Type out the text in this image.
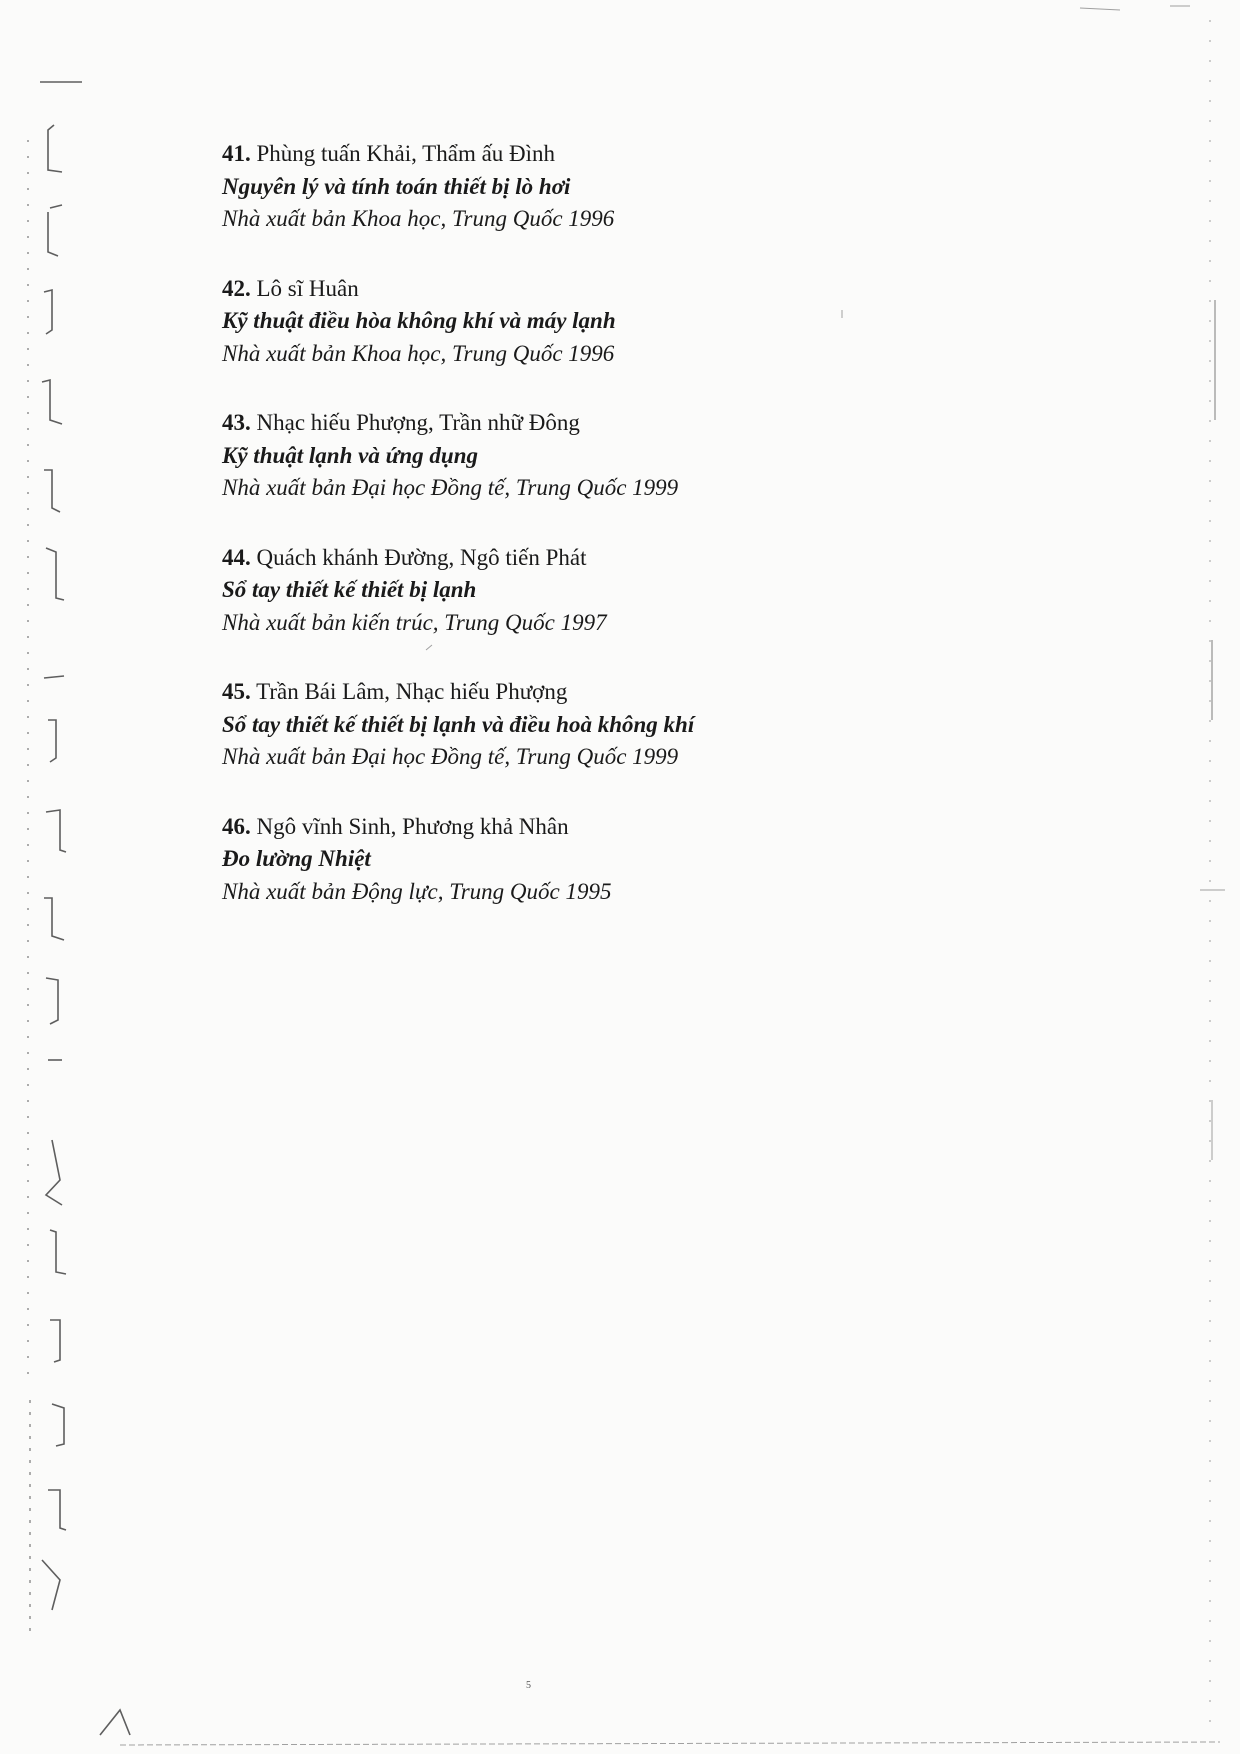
41. Phùng tuấn Khải, Thẩm ấu Đình
Nguyên lý và tính toán thiết bị lò hơi
Nhà xuất bản Khoa học, Trung Quốc 1996
42. Lô sĩ Huân
Kỹ thuật điều hòa không khí và máy lạnh
Nhà xuất bản Khoa học, Trung Quốc 1996
43. Nhạc hiếu Phượng, Trần nhữ Đông
Kỹ thuật lạnh và ứng dụng
Nhà xuất bản Đại học Đồng tế, Trung Quốc 1999
44. Quách khánh Đường, Ngô tiến Phát
Sổ tay thiết kế thiết bị lạnh
Nhà xuất bản kiến trúc, Trung Quốc 1997
45. Trần Bái Lâm, Nhạc hiếu Phượng
Sổ tay thiết kế thiết bị lạnh và điều hoà không khí
Nhà xuất bản Đại học Đồng tế, Trung Quốc 1999
46. Ngô vĩnh Sinh, Phương khả Nhân
Đo lường Nhiệt
Nhà xuất bản Động lực, Trung Quốc 1995
5
